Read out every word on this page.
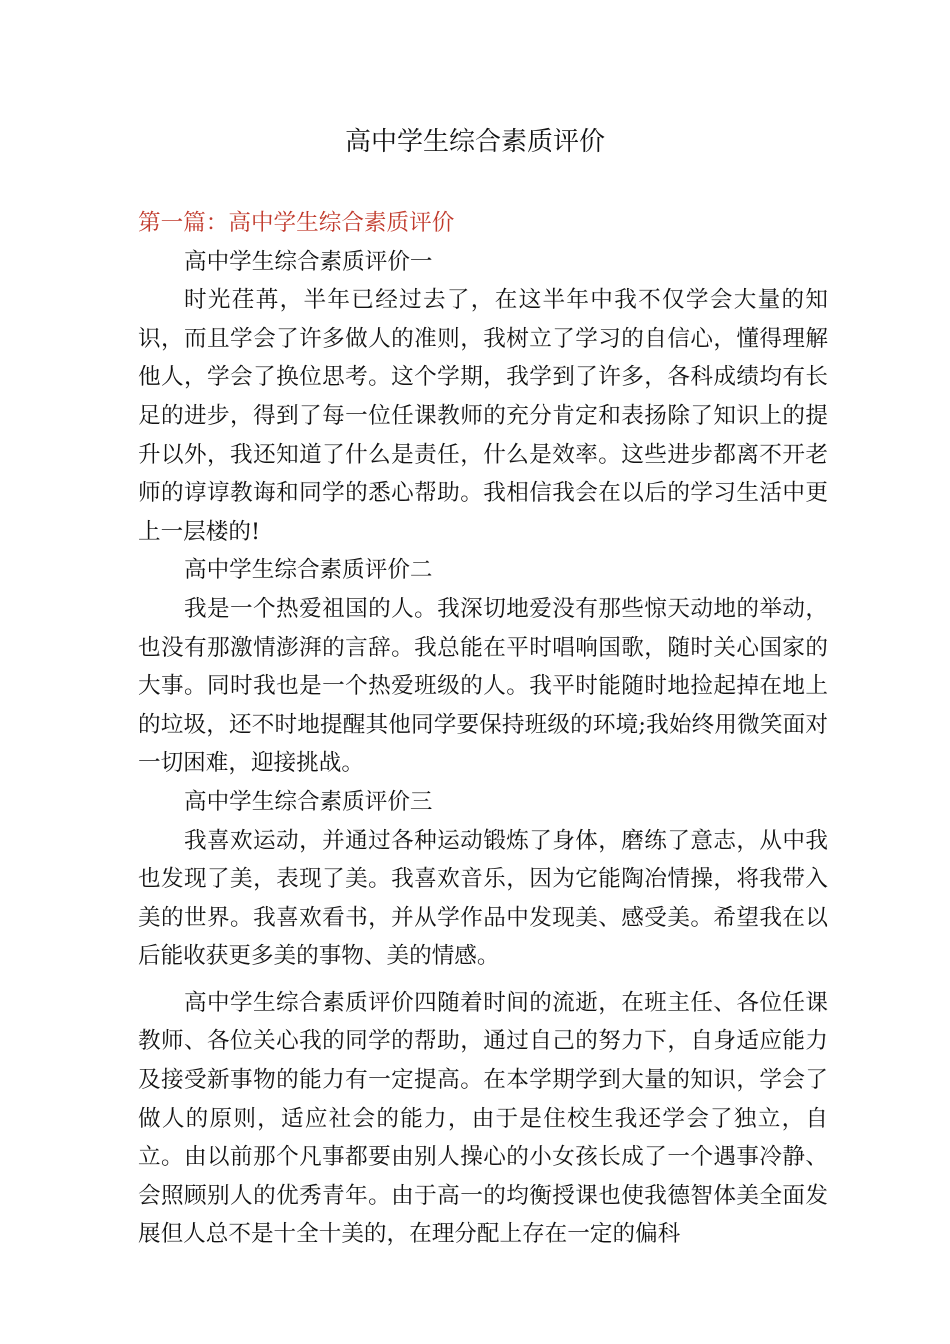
高中学生综合素质评价

第一篇：高中学生综合素质评价

高中学生综合素质评价一

时光荏苒，半年已经过去了，在这半年中我不仅学会大量的知识，而且学会了许多做人的准则，我树立了学习的自信心，懂得理解他人，学会了换位思考。这个学期，我学到了许多，各科成绩均有长足的进步，得到了每一位任课教师的充分肯定和表扬除了知识上的提升以外，我还知道了什么是责任，什么是效率。这些进步都离不开老师的谆谆教诲和同学的悉心帮助。我相信我会在以后的学习生活中更上一层楼的!

高中学生综合素质评价二

我是一个热爱祖国的人。我深切地爱没有那些惊天动地的举动，也没有那激情澎湃的言辞。我总能在平时唱响国歌，随时关心国家的大事。同时我也是一个热爱班级的人。我平时能随时地捡起掉在地上的垃圾，还不时地提醒其他同学要保持班级的环境;我始终用微笑面对一切困难，迎接挑战。

高中学生综合素质评价三

我喜欢运动，并通过各种运动锻炼了身体，磨练了意志，从中我也发现了美，表现了美。我喜欢音乐，因为它能陶冶情操，将我带入美的世界。我喜欢看书，并从学作品中发现美、感受美。希望我在以后能收获更多美的事物、美的情感。

高中学生综合素质评价四随着时间的流逝，在班主任、各位任课教师、各位关心我的同学的帮助，通过自己的努力下，自身适应能力及接受新事物的能力有一定提高。在本学期学到大量的知识，学会了做人的原则，适应社会的能力，由于是住校生我还学会了独立，自立。由以前那个凡事都要由别人操心的小女孩长成了一个遇事冷静、会照顾别人的优秀青年。由于高一的均衡授课也使我德智体美全面发展但人总不是十全十美的，在理分配上存在一定的偏科
